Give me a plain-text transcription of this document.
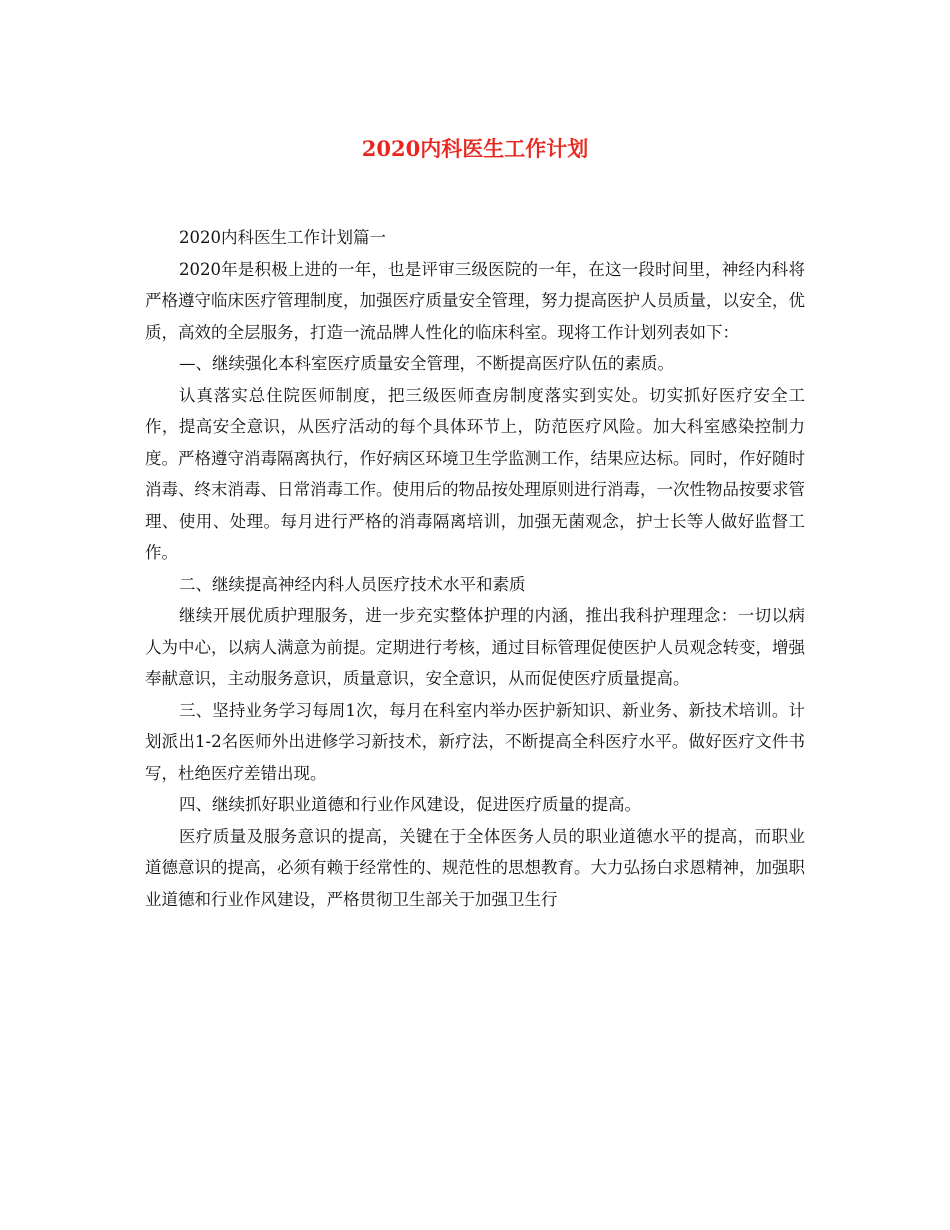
2020内科医生工作计划

2020内科医生工作计划篇一

2020年是积极上进的一年，也是评审三级医院的一年，在这一段时间里，神经内科将严格遵守临床医疗管理制度，加强医疗质量安全管理，努力提高医护人员质量，以安全，优质，高效的全层服务，打造一流品牌人性化的临床科室。现将工作计划列表如下：

—、继续强化本科室医疗质量安全管理，不断提高医疗队伍的素质。

认真落实总住院医师制度，把三级医师查房制度落实到实处。切实抓好医疗安全工作，提高安全意识，从医疗活动的每个具体环节上，防范医疗风险。加大科室感染控制力度。严格遵守消毒隔离执行，作好病区环境卫生学监测工作，结果应达标。同时，作好随时消毒、终末消毒、日常消毒工作。使用后的物品按处理原则进行消毒，一次性物品按要求管理、使用、处理。每月进行严格的消毒隔离培训，加强无菌观念，护士长等人做好监督工作。

二、继续提高神经内科人员医疗技术水平和素质

继续开展优质护理服务，进一步充实整体护理的内涵，推出我科护理理念：一切以病人为中心，以病人满意为前提。定期进行考核，通过目标管理促使医护人员观念转变，增强奉献意识，主动服务意识，质量意识，安全意识，从而促使医疗质量提高。

三、坚持业务学习每周1次，每月在科室内举办医护新知识、新业务、新技术培训。计划派出1-2名医师外出进修学习新技术，新疗法，不断提高全科医疗水平。做好医疗文件书写，杜绝医疗差错出现。

四、继续抓好职业道德和行业作风建设，促进医疗质量的提高。

医疗质量及服务意识的提高，关键在于全体医务人员的职业道德水平的提高，而职业道德意识的提高，必须有赖于经常性的、规范性的思想教育。大力弘扬白求恩精神，加强职业道德和行业作风建设，严格贯彻卫生部关于加强卫生行
